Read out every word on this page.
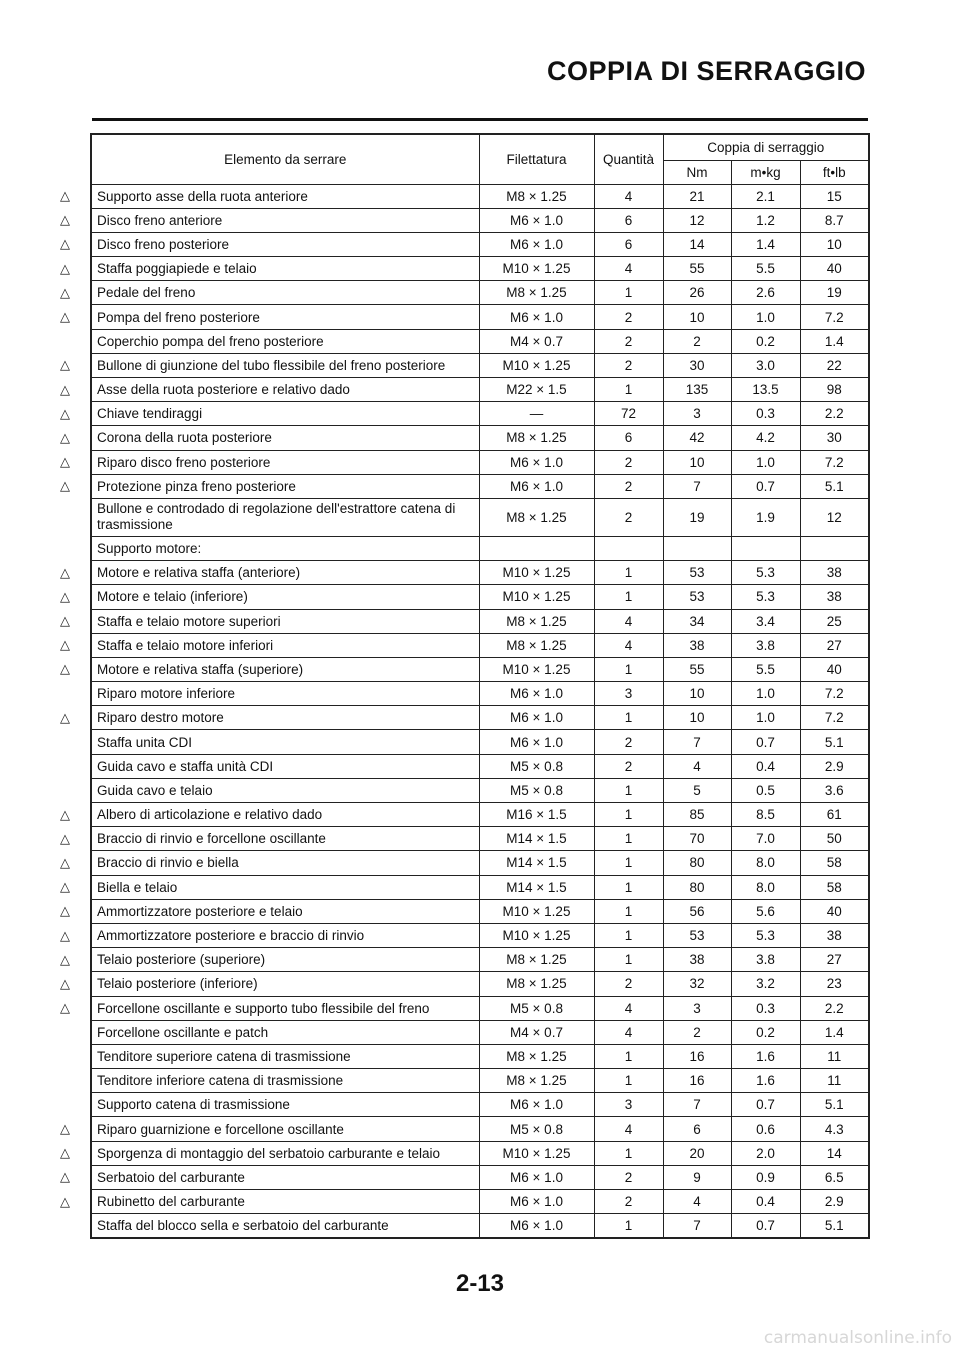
COPPIA DI SERRAGGIO
Elemento da serrare	Filettatura	Quantità	Coppia di serraggio		
			Nm	m•kg	ft•lb

△ Supporto asse della ruota anteriore	M8 × 1.25	4	21	2.1	15

△ Disco freno anteriore	M6 × 1.0	6	12	1.2	8.7

△ Disco freno posteriore	M6 × 1.0	6	14	1.4	10

△ Staffa poggiapiede e telaio	M10 × 1.25	4	55	5.5	40

△ Pedale del freno	M8 × 1.25	1	26	2.6	19

△ Pompa del freno posteriore	M6 × 1.0	2	10	1.0	7.2
Coperchio pompa del freno posteriore	M4 × 0.7	2	2	0.2	1.4

△ Bullone di giunzione del tubo flessibile del freno posteriore	M10 × 1.25	2	30	3.0	22

△ Asse della ruota posteriore e relativo dado	M22 × 1.5	1	135	13.5	98

△ Chiave tendiraggi	—	72	3	0.3	2.2

△ Corona della ruota posteriore	M8 × 1.25	6	42	4.2	30

△ Riparo disco freno posteriore	M6 × 1.0	2	10	1.0	7.2

△ Protezione pinza freno posteriore	M6 × 1.0	2	7	0.7	5.1
Bullone e controdado di regolazione dell'estrattore catena di trasmissione	M8 × 1.25	2	19	1.9	12
Supporto motore:					

△ Motore e relativa staffa (anteriore)	M10 × 1.25	1	53	5.3	38

△ Motore e telaio (inferiore)	M10 × 1.25	1	53	5.3	38

△ Staffa e telaio motore superiori	M8 × 1.25	4	34	3.4	25

△ Staffa e telaio motore inferiori	M8 × 1.25	4	38	3.8	27

△ Motore e relativa staffa (superiore)	M10 × 1.25	1	55	5.5	40
Riparo motore inferiore	M6 × 1.0	3	10	1.0	7.2

△ Riparo destro motore	M6 × 1.0	1	10	1.0	7.2
Staffa unita CDI	M6 × 1.0	2	7	0.7	5.1
Guida cavo e staffa unità CDI	M5 × 0.8	2	4	0.4	2.9
Guida cavo e telaio	M5 × 0.8	1	5	0.5	3.6

△ Albero di articolazione e relativo dado	M16 × 1.5	1	85	8.5	61

△ Braccio di rinvio e forcellone oscillante	M14 × 1.5	1	70	7.0	50

△ Braccio di rinvio e biella	M14 × 1.5	1	80	8.0	58

△ Biella e telaio	M14 × 1.5	1	80	8.0	58

△ Ammortizzatore posteriore e telaio	M10 × 1.25	1	56	5.6	40

△ Ammortizzatore posteriore e braccio di rinvio	M10 × 1.25	1	53	5.3	38

△ Telaio posteriore (superiore)	M8 × 1.25	1	38	3.8	27

△ Telaio posteriore (inferiore)	M8 × 1.25	2	32	3.2	23

△ Forcellone oscillante e supporto tubo flessibile del freno	M5 × 0.8	4	3	0.3	2.2
Forcellone oscillante e patch	M4 × 0.7	4	2	0.2	1.4
Tenditore superiore catena di trasmissione	M8 × 1.25	1	16	1.6	11
Tenditore inferiore catena di trasmissione	M8 × 1.25	1	16	1.6	11
Supporto catena di trasmissione	M6 × 1.0	3	7	0.7	5.1

△ Riparo guarnizione e forcellone oscillante	M5 × 0.8	4	6	0.6	4.3

△ Sporgenza di montaggio del serbatoio carburante e telaio	M10 × 1.25	1	20	2.0	14

△ Serbatoio del carburante	M6 × 1.0	2	9	0.9	6.5

△ Rubinetto del carburante	M6 × 1.0	2	4	0.4	2.9
Staffa del blocco sella e serbatoio del carburante	M6 × 1.0	1	7	0.7	5.1
2-13
carmanualsonline.info
